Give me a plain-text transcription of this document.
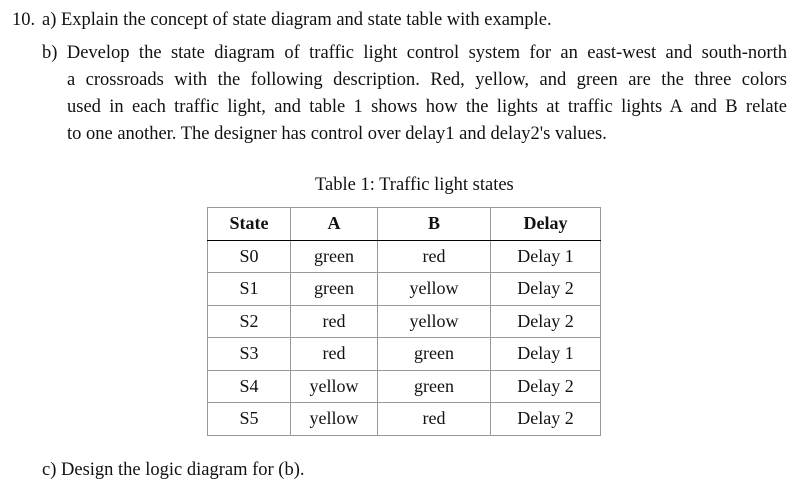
10. a) Explain the concept of state diagram and state table with example.
b) Develop the state diagram of traffic light control system for an east-west and south-north
a crossroads with the following description. Red, yellow, and green are the three colors
used in each traffic light, and table 1 shows how the lights at traffic lights A and B relate
to one another. The designer has control over delay1 and delay2's values.
Table 1: Traffic light states
State	A	B	Delay
S0	green	red	Delay 1
S1	green	yellow	Delay 2
S2	red	yellow	Delay 2
S3	red	green	Delay 1
S4	yellow	green	Delay 2
S5	yellow	red	Delay 2
c) Design the logic diagram for (b).
